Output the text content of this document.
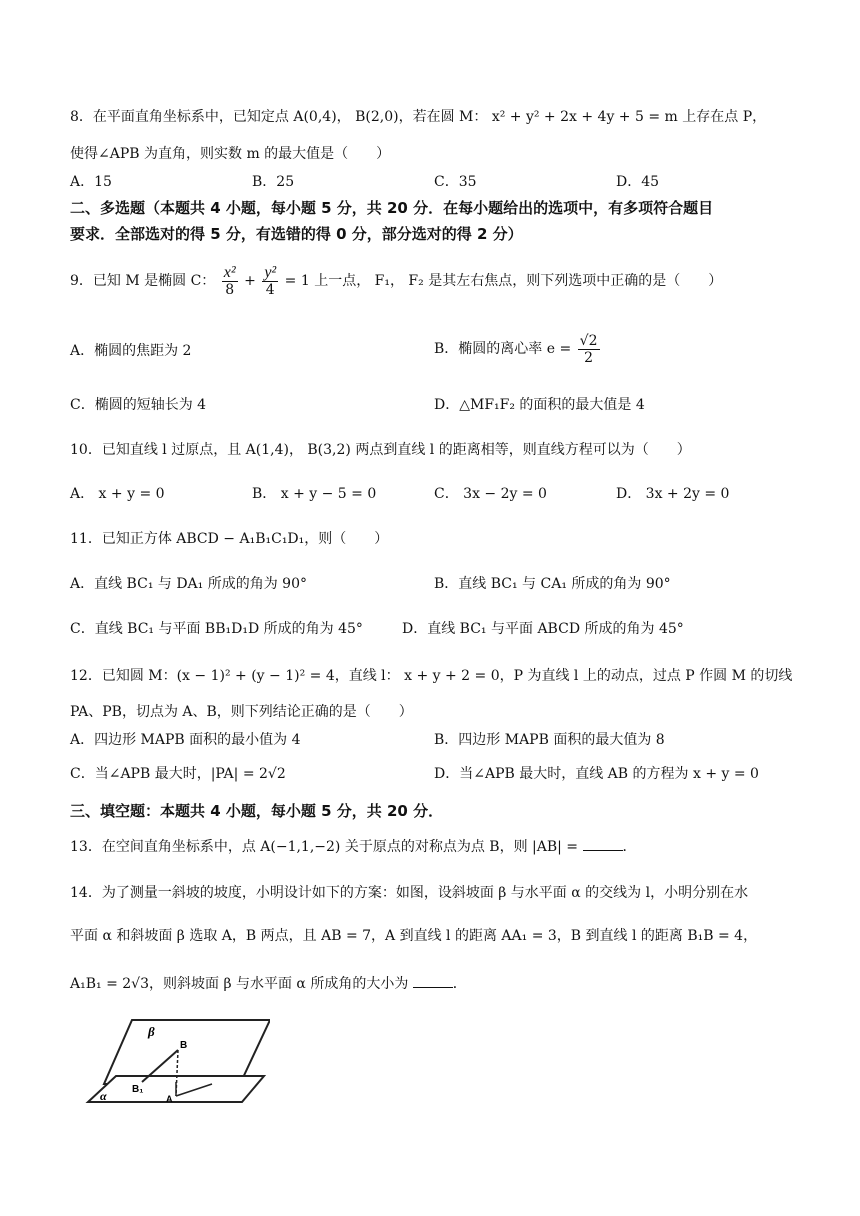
8．在平面直角坐标系中，已知定点 A(0,4)， B(2,0)，若在圆 M： x² + y² + 2x + 4y + 5 = m 上存在点 P，
使得∠APB 为直角，则实数 m 的最大值是（　　）
A．15	B．25	C．35	D．45
二、多选题（本题共 4 小题，每小题 5 分，共 20 分．在每小题给出的选项中，有多项符合题目
要求．全部选对的得 5 分，有选错的得 0 分，部分选对的得 2 分）
9．已知 M 是椭圆 C： $\frac{\text{x²}}{8} + \frac{\text{y²}}{4} = 1$ 上一点， F₁， F₂ 是其左右焦点，则下列选项中正确的是（　　）
A．椭圆的焦距为 2	B．椭圆的离心率 $e = \frac{√2}{2}$
C．椭圆的短轴长为 4	D．△MF₁F₂ 的面积的最大值是 4
10．已知直线 l 过原点，且 A(1,4)， B(3,2) 两点到直线 l 的距离相等，则直线方程可以为（　　）
A． x + y = 0	B． x + y − 5 = 0	C． 3x − 2y = 0	D． 3x + 2y = 0
11．已知正方体 ABCD − A₁B₁C₁D₁，则（　　）
A．直线 BC₁ 与 DA₁ 所成的角为 90°	B．直线 BC₁ 与 CA₁ 所成的角为 90°
C．直线 BC₁ 与平面 BB₁D₁D 所成的角为 45°	D．直线 BC₁ 与平面 ABCD 所成的角为 45°
12．已知圆 M：(x − 1)² + (y − 1)² = 4，直线 l： x + y + 2 = 0，P 为直线 l 上的动点，过点 P 作圆 M 的切线
PA、PB，切点为 A、B，则下列结论正确的是（　　）
A．四边形 MAPB 面积的最小值为 4	B．四边形 MAPB 面积的最大值为 8
C．当∠APB 最大时，|PA| = 2√2	D．当∠APB 最大时，直线 AB 的方程为 x + y = 0
三、填空题：本题共 4 小题，每小题 5 分，共 20 分．
13．在空间直角坐标系中，点 A(−1,1,−2) 关于原点的对称点为点 B，则 |AB| =	．
14．为了测量一斜坡的坡度，小明设计如下的方案：如图，设斜坡面 β 与水平面 α 的交线为 l，小明分别在水
平面 α 和斜坡面 β 选取 A，B 两点，且 AB = 7，A 到直线 l 的距离 AA₁ = 3，B 到直线 l 的距离 B₁B = 4，
A₁B₁ = 2√3，则斜坡面 β 与水平面 α 所成角的大小为	．
β
B
B₁
A
α
